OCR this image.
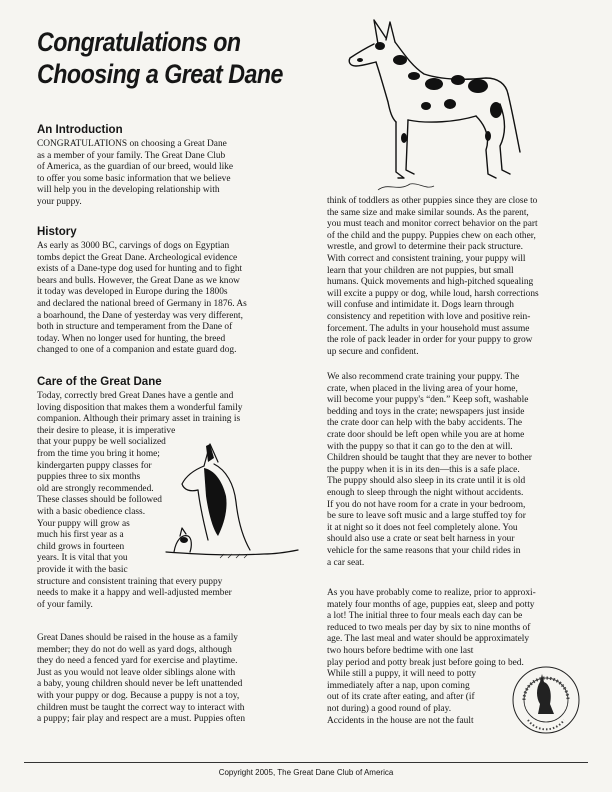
Congratulations on
Choosing a Great Dane
An Introduction
CONGRATULATIONS on choosing a Great Dane
as a member of your family. The Great Dane Club
of America, as the guardian of our breed, would like
to offer you some basic information that we believe
will help you in the developing relationship with
your puppy.
History
As early as 3000 BC, carvings of dogs on Egyptian
tombs depict the Great Dane. Archeological evidence
exists of a Dane-type dog used for hunting and to fight
bears and bulls. However, the Great Dane as we know
it today was developed in Europe during the 1800s
and declared the national breed of Germany in 1876. As
a boarhound, the Dane of yesterday was very different,
both in structure and temperament from the Dane of
today. When no longer used for hunting, the breed
changed to one of a companion and estate guard dog.
Care of the Great Dane
Today, correctly bred Great Danes have a gentle and
loving disposition that makes them a wonderful family
companion. Although their primary asset in training is
their desire to please, it is imperative
that your puppy be well socialized
from the time you bring it home;
kindergarten puppy classes for
puppies three to six months
old are strongly recommended.
These classes should be followed
with a basic obedience class.
Your puppy will grow as
much his first year as a
child grows in fourteen
years. It is vital that you
provide it with the basic
structure and consistent training that every puppy
needs to make it a happy and well-adjusted member
of your family.
Great Danes should be raised in the house as a family
member; they do not do well as yard dogs, although
they do need a fenced yard for exercise and playtime.
Just as you would not leave older siblings alone with
a baby, young children should never be left unattended
with your puppy or dog. Because a puppy is not a toy,
children must be taught the correct way to interact with
a puppy; fair play and respect are a must. Puppies often
think of toddlers as other puppies since they are close to
the same size and make similar sounds. As the parent,
you must teach and monitor correct behavior on the part
of the child and the puppy. Puppies chew on each other,
wrestle, and growl to determine their pack structure.
With correct and consistent training, your puppy will
learn that your children are not puppies, but small
humans. Quick movements and high-pitched squealing
will excite a puppy or dog, while loud, harsh corrections
will confuse and intimidate it. Dogs learn through
consistency and repetition with love and positive rein-
forcement. The adults in your household must assume
the role of pack leader in order for your puppy to grow
up secure and confident.
We also recommend crate training your puppy. The
crate, when placed in the living area of your home,
will become your puppy's “den.” Keep soft, washable
bedding and toys in the crate; newspapers just inside
the crate door can help with the baby accidents. The
crate door should be left open while you are at home
with the puppy so that it can go to the den at will.
Children should be taught that they are never to bother
the puppy when it is in its den—this is a safe place.
The puppy should also sleep in its crate until it is old
enough to sleep through the night without accidents.
If you do not have room for a crate in your bedroom,
be sure to leave soft music and a large stuffed toy for
it at night so it does not feel completely alone. You
should also use a crate or seat belt harness in your
vehicle for the same reasons that your child rides in
a car seat.
As you have probably come to realize, prior to approxi-
mately four months of age, puppies eat, sleep and potty
a lot! The initial three to four meals each day can be
reduced to two meals per day by six to nine months of
age. The last meal and water should be approximately
two hours before bedtime with one last
play period and potty break just before going to bed.
While still a puppy, it will need to potty
immediately after a nap, upon coming
out of its crate after eating, and after (if
not during) a good round of play.
Accidents in the house are not the fault
Copyright 2005, The Great Dane Club of America
